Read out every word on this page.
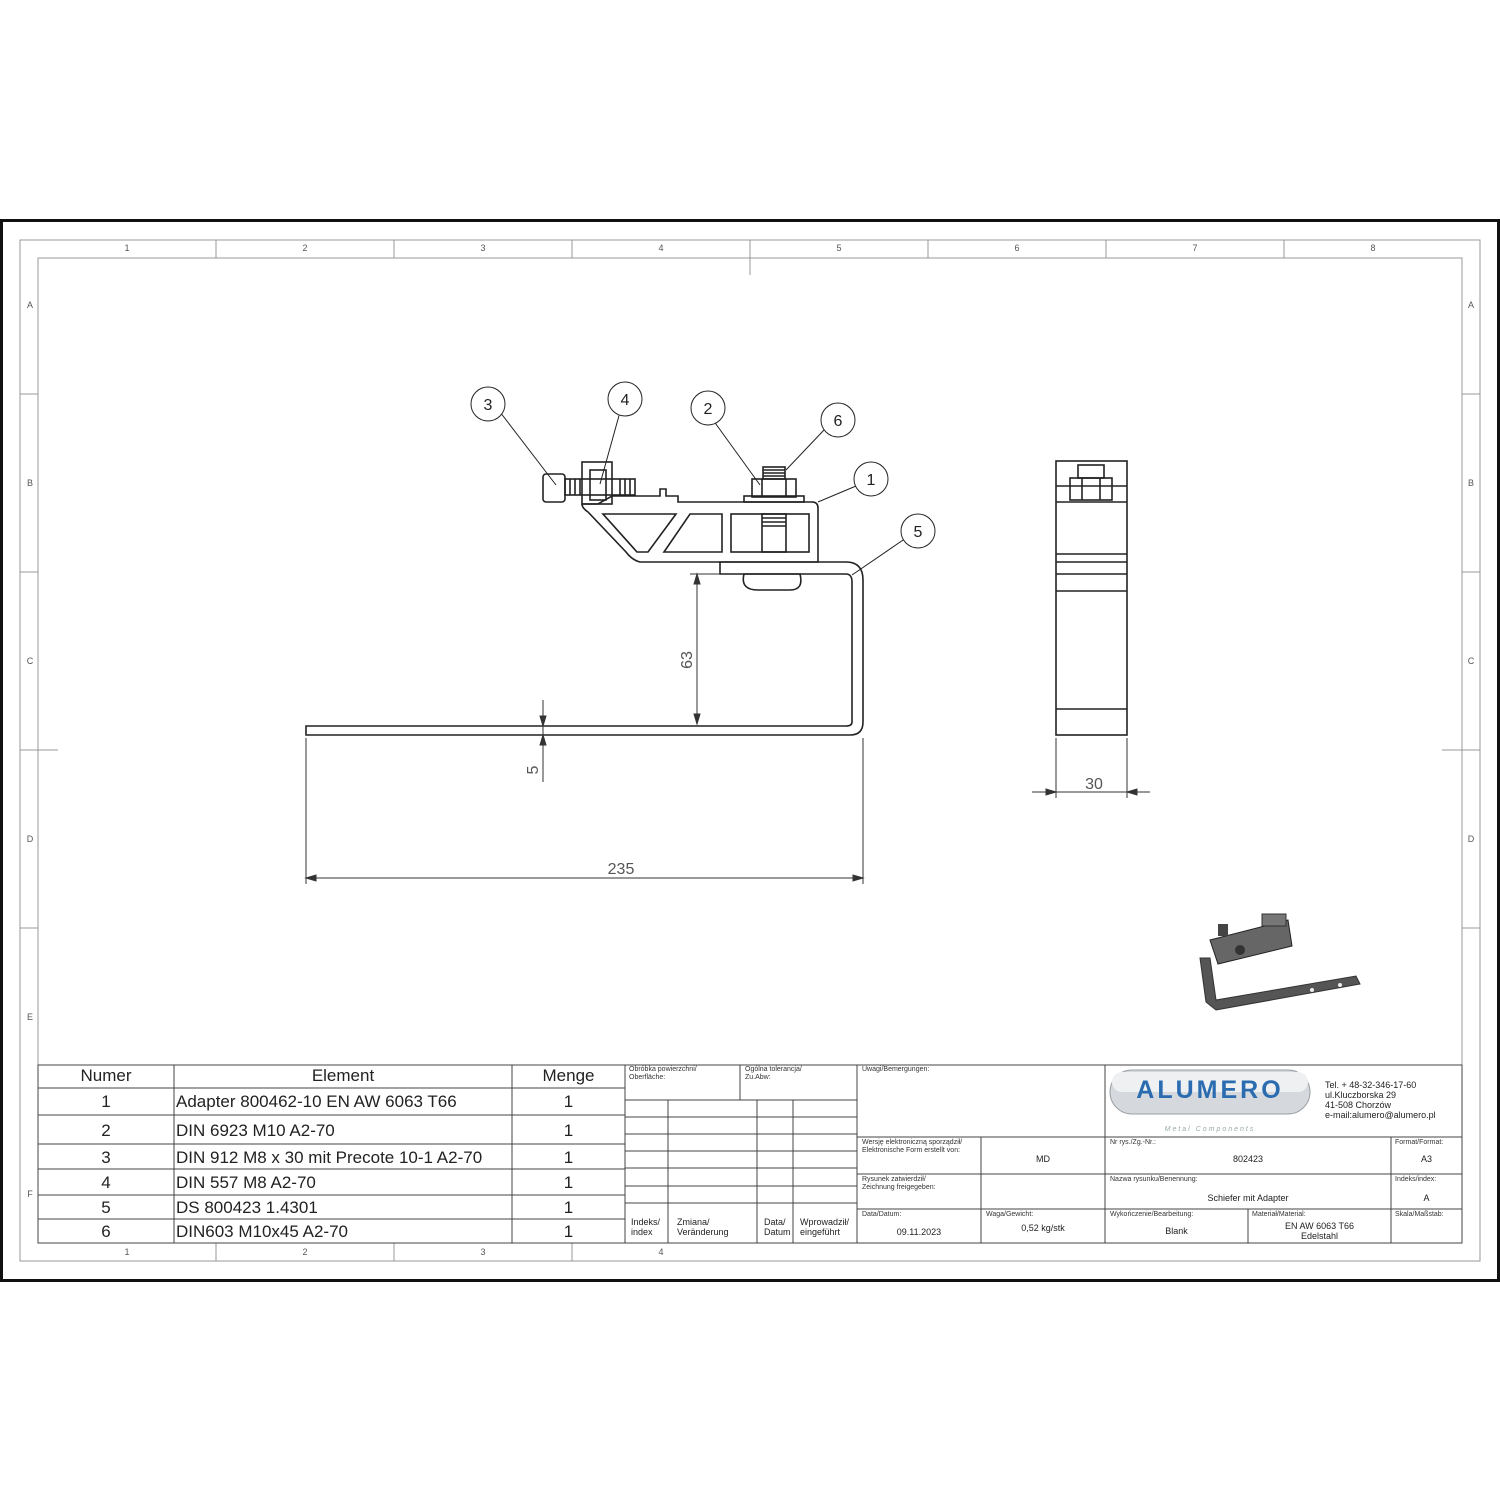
1	2	3	4	5	6	7	8
1	2	3	4
A
B
C
D
E
F
A
B
C
D
3	4
2
6
1
5
63
5
235
30
ALUMERO
Metal Components
Tel. + 48-32-346-17-60
ul.Kluczborska 29
41-508 Chorzów
e-mail:alumero@alumero.pl
Numer	Element	Menge
1	Adapter 800462-10 EN AW 6063 T66	1
2	DIN 6923 M10 A2-70	1
3	DIN 912 M8 x 30 mit Precote 10-1 A2-70	1
4	DIN 557 M8 A2-70	1
5	DS 800423 1.4301	1
6	DIN603 M10x45 A2-70	1
Obróbka powierzchni/
Oberfläche:
Ogólna tolerancja/
Zu.Abw:
Indeks/
index
Zmiana/
Veränderung
Data/
Datum
Wprowadził/
eingeführt
Uwagi/Bemergungen:
Wersję elektroniczną sporządził/
Elektronische Form erstellt von:
MD
Rysunek zatwierdził/
Zeichnung freigegeben:
Data/Datum:
09.11.2023
Waga/Gewicht:
0,52 kg/stk
Nr rys./Zg.-Nr.:
802423
Format/Format:
A3
Nazwa rysunku/Benennung:
Schiefer mit Adapter
Indeks/index:
A
Wykończenie/Bearbeitung:
Blank
Materiał/Material:
EN AW 6063 T66
Edelstahl
Skala/Maßstab:
